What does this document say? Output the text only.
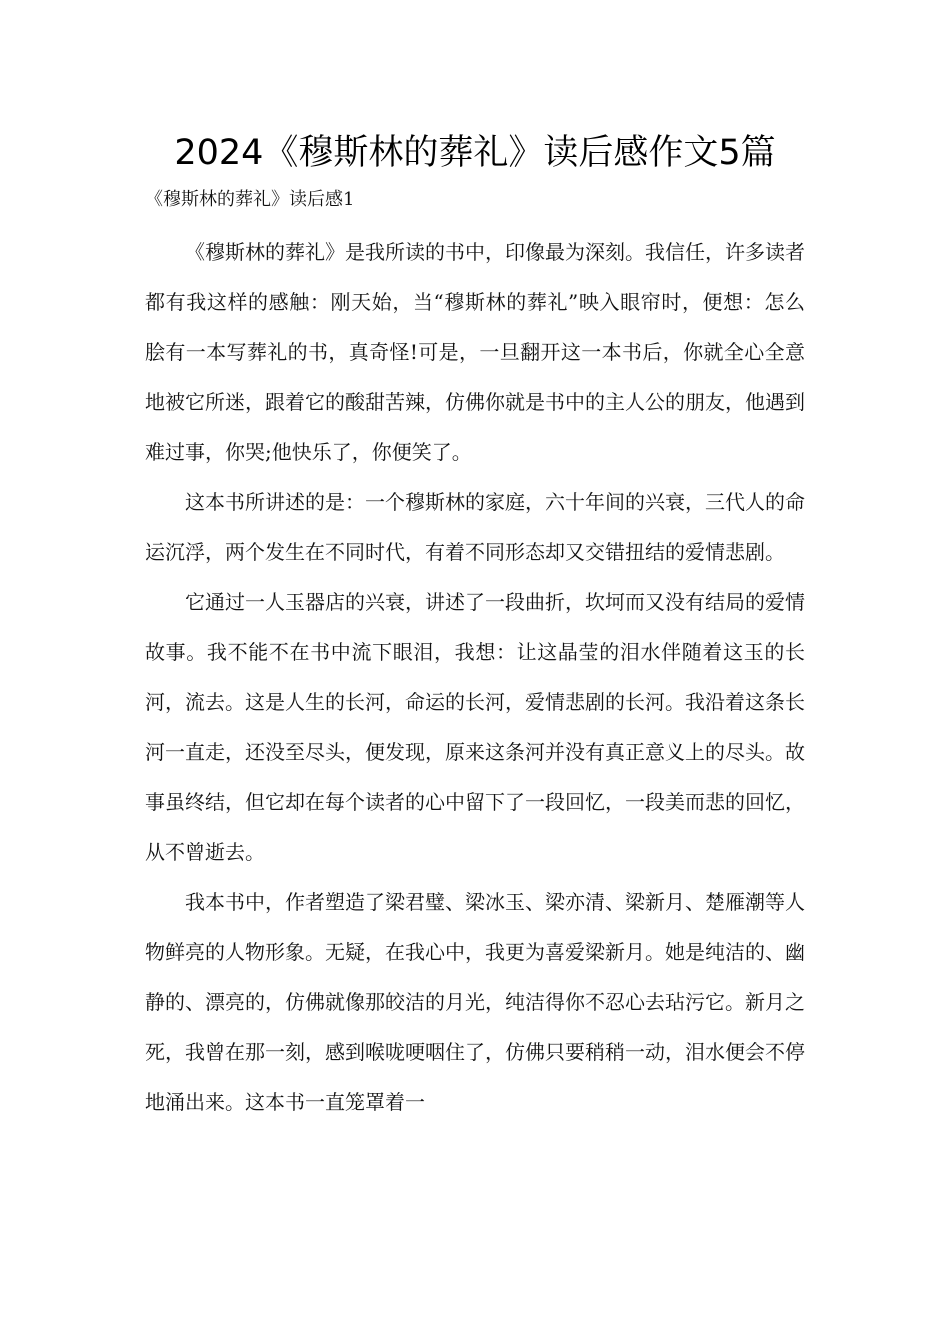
2024《穆斯林的葬礼》读后感作文5篇
《穆斯林的葬礼》读后感1

《穆斯林的葬礼》是我所读的书中，印像最为深刻。我信任，许多读者都有我这样的感触：刚天始，当“穆斯林的葬礼”映入眼帘时，便想：怎么脍有一本写葬礼的书，真奇怪!可是，一旦翻开这一本书后，你就全心全意地被它所迷，跟着它的酸甜苦辣，仿佛你就是书中的主人公的朋友，他遇到难过事，你哭;他快乐了，你便笑了。

这本书所讲述的是：一个穆斯林的家庭，六十年间的兴衰，三代人的命运沉浮，两个发生在不同时代，有着不同形态却又交错扭结的爱情悲剧。

它通过一人玉器店的兴衰，讲述了一段曲折，坎坷而又没有结局的爱情故事。我不能不在书中流下眼泪，我想：让这晶莹的泪水伴随着这玉的长河，流去。这是人生的长河，命运的长河，爱情悲剧的长河。我沿着这条长河一直走，还没至尽头，便发现，原来这条河并没有真正意义上的尽头。故事虽终结，但它却在每个读者的心中留下了一段回忆，一段美而悲的回忆，从不曾逝去。

我本书中，作者塑造了梁君璧、梁冰玉、梁亦清、梁新月、楚雁潮等人物鲜亮的人物形象。无疑，在我心中，我更为喜爱梁新月。她是纯洁的、幽静的、漂亮的，仿佛就像那皎洁的月光，纯洁得你不忍心去玷污它。新月之死，我曾在那一刻，感到喉咙哽咽住了，仿佛只要稍稍一动，泪水便会不停地涌出来。这本书一直笼罩着一
